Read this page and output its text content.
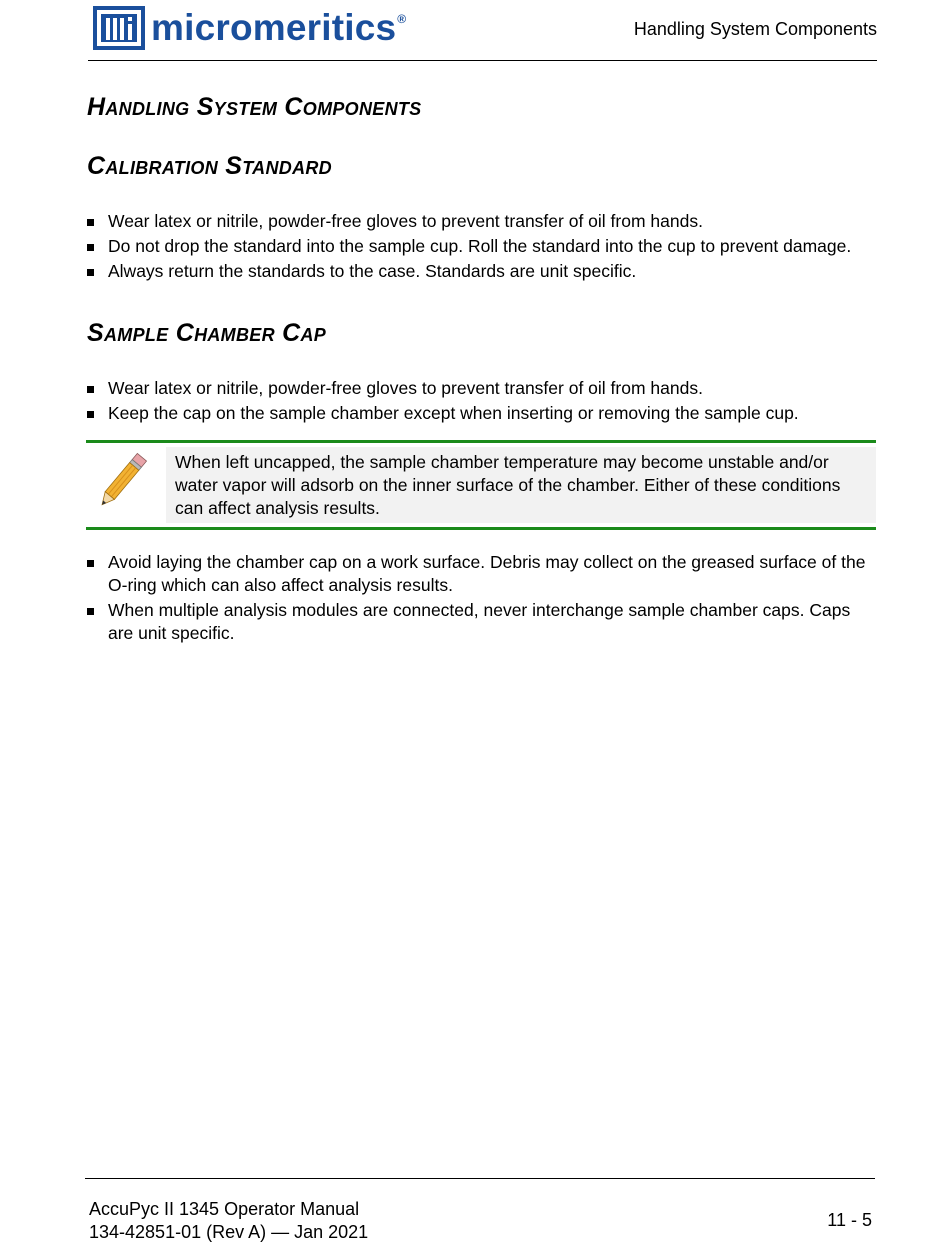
micromeritics ®	Handling System Components
Handling System Components
Calibration Standard
Wear latex or nitrile, powder-free gloves to prevent transfer of oil from hands.
Do not drop the standard into the sample cup. Roll the standard into the cup to prevent damage.
Always return the standards to the case. Standards are unit specific.
Sample Chamber Cap
Wear latex or nitrile, powder-free gloves to prevent transfer of oil from hands.
Keep the cap on the sample chamber except when inserting or removing the sample cup.
When left uncapped, the sample chamber temperature may become unstable and/or water vapor will adsorb on the inner surface of the chamber. Either of these conditions can affect analysis results.
Avoid laying the chamber cap on a work surface. Debris may collect on the greased surface of the O-ring which can also affect analysis results.
When multiple analysis modules are connected, never interchange sample chamber caps. Caps are unit specific.
AccuPyc II 1345 Operator Manual
134-42851-01 (Rev A) — Jan 2021
11 - 5
